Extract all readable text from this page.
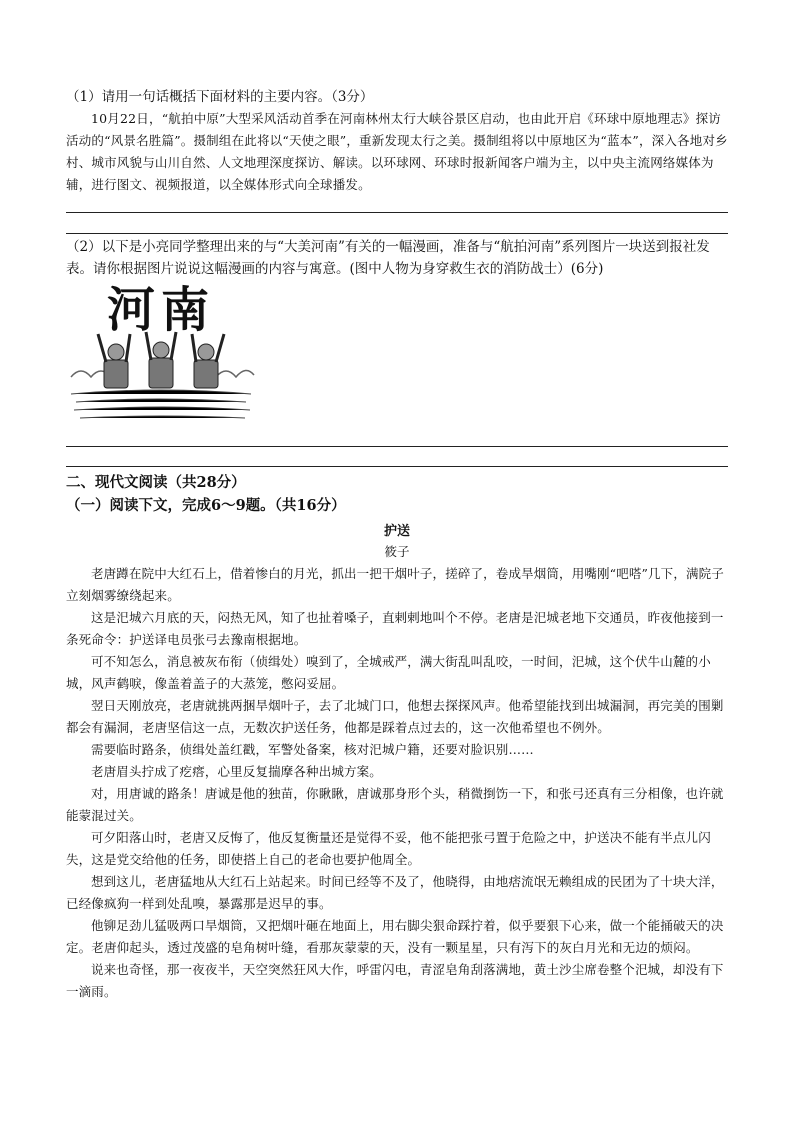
（1）请用一句话概括下面材料的主要内容。（3分）
10月22日，“航拍中原”大型采风活动首季在河南林州太行大峡谷景区启动，也由此开启《环球中原地理志》探访活动的“风景名胜篇”。摄制组在此将以“天使之眼”，重新发现太行之美。摄制组将以中原地区为“蓝本”，深入各地对乡村、城市风貌与山川自然、人文地理深度探访、解读。以环球网、环球时报新闻客户端为主，以中央主流网络媒体为辅，进行图文、视频报道，以全媒体形式向全球播发。
（2）以下是小亮同学整理出来的与“大美河南”有关的一幅漫画，准备与“航拍河南”系列图片一块送到报社发表。请你根据图片说说这幅漫画的内容与寓意。(图中人物为身穿救生衣的消防战士）(6分)
河南
二、现代文阅读（共28分）
（一）阅读下文，完成6～9题。（共16分）
护送
筱子

老唐蹲在院中大红石上，借着惨白的月光，抓出一把干烟叶子，搓碎了，卷成旱烟筒，用嘴刚“吧嗒”几下，满院子立刻烟雾缭绕起来。

这是汜城六月底的天，闷热无风，知了也扯着嗓子，直剌剌地叫个不停。老唐是汜城老地下交通员，昨夜他接到一条死命令：护送译电员张弓去豫南根据地。

可不知怎么，消息被灰布衔（侦缉处）嗅到了，全城戒严，满大街乱叫乱咬，一时间，汜城，这个伏牛山麓的小城，风声鹤唳，像盖着盖子的大蒸笼，憋闷妥屈。

翌日天刚放亮，老唐就挑两捆旱烟叶子，去了北城门口，他想去探探风声。他希望能找到出城漏洞，再完美的围剿都会有漏洞，老唐坚信这一点，无数次护送任务，他都是踩着点过去的，这一次他希望也不例外。

需要临时路条，侦缉处盖红戳，军警处备案，核对汜城户籍，还要对脸识别……

老唐眉头拧成了疙瘩，心里反复揣摩各种出城方案。

对，用唐诚的路条！唐诚是他的独苗，你瞅瞅，唐诚那身形个头，稍微捯饬一下，和张弓还真有三分相像，也许就能蒙混过关。

可夕阳落山时，老唐又反悔了，他反复衡量还是觉得不妥，他不能把张弓置于危险之中，护送决不能有半点儿闪失，这是党交给他的任务，即使搭上自己的老命也要护他周全。

想到这儿，老唐猛地从大红石上站起来。时间已经等不及了，他晓得，由地痞流氓无赖组成的民团为了十块大洋，已经像疯狗一样到处乱嗅，暴露那是迟早的事。

他铆足劲儿猛吸两口旱烟筒，又把烟叶砸在地面上，用右脚尖狠命踩拧着，似乎要狠下心来，做一个能捅破天的决定。老唐仰起头，透过茂盛的皂角树叶缝，看那灰蒙蒙的天，没有一颗星星，只有泻下的灰白月光和无边的烦闷。

说来也奇怪，那一夜夜半，天空突然狂风大作，呼雷闪电，青涩皂角刮落满地，黄土沙尘席卷整个汜城，却没有下一滴雨。
